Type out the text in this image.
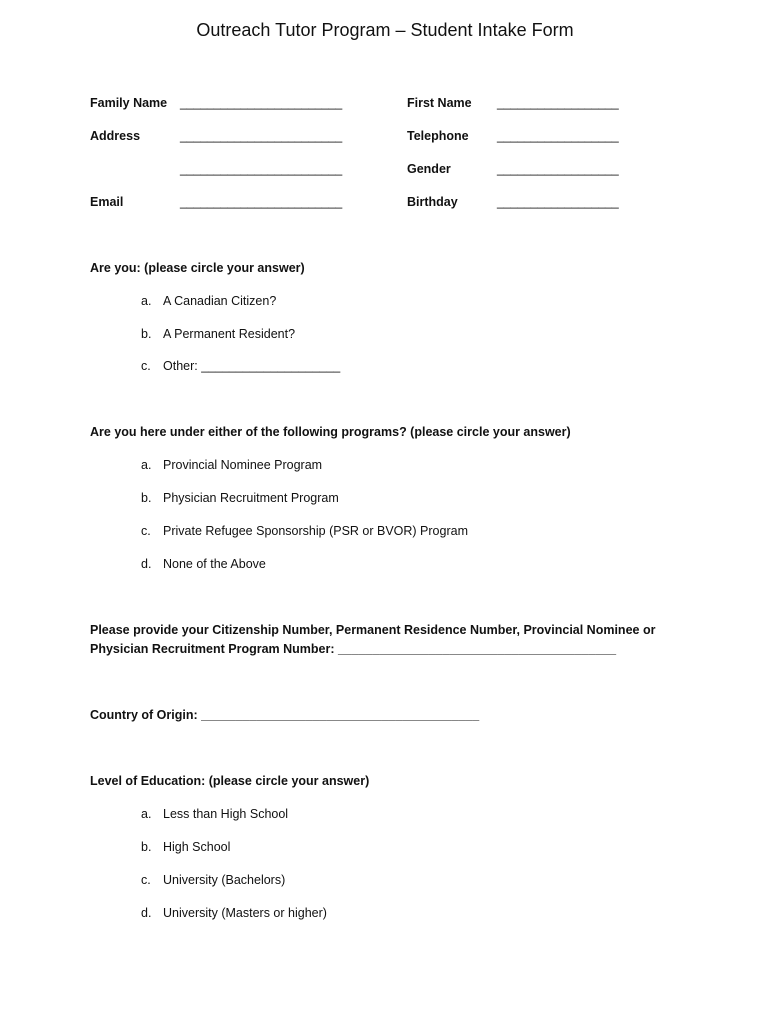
Outreach Tutor Program – Student Intake Form
Family Name ________________________	First Name __________________
Address	________________________	Telephone __________________
________________________	Gender	__________________
Email	________________________	Birthday	__________________
Are you: (please circle your answer)
a. A Canadian Citizen?
b. A Permanent Resident?
c. Other: ____________________
Are you here under either of the following programs? (please circle your answer)
a. Provincial Nominee Program
b. Physician Recruitment Program
c. Private Refugee Sponsorship (PSR or BVOR) Program
d. None of the Above
Please provide your Citizenship Number, Permanent Residence Number, Provincial Nominee or
Physician Recruitment Program Number: ________________________________________
Country of Origin: ________________________________________
Level of Education: (please circle your answer)
a. Less than High School
b. High School
c. University (Bachelors)
d. University (Masters or higher)
